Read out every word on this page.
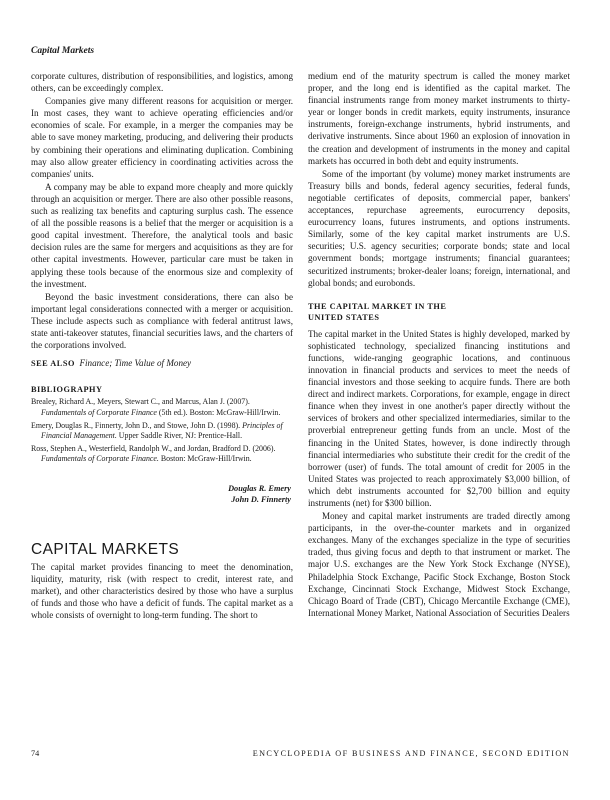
Capital Markets

corporate cultures, distribution of responsibilities, and logistics, among others, can be exceedingly complex.

Companies give many different reasons for acquisition or merger. In most cases, they want to achieve operating efficiencies and/or economies of scale. For example, in a merger the companies may be able to save money marketing, producing, and delivering their products by combining their operations and eliminating duplication. Combining may also allow greater efficiency in coordinating activities across the companies' units.

A company may be able to expand more cheaply and more quickly through an acquisition or merger. There are also other possible reasons, such as realizing tax benefits and capturing surplus cash. The essence of all the possible reasons is a belief that the merger or acquisition is a good capital investment. Therefore, the analytical tools and basic decision rules are the same for mergers and acquisitions as they are for other capital investments. However, particular care must be taken in applying these tools because of the enormous size and complexity of the investment.

Beyond the basic investment considerations, there can also be important legal considerations connected with a merger or acquisition. These include aspects such as compliance with federal antitrust laws, state anti-takeover statutes, financial securities laws, and the charters of the corporations involved.

SEE ALSO Finance; Time Value of Money

BIBLIOGRAPHY

Brealey, Richard A., Meyers, Stewart C., and Marcus, Alan J. (2007). Fundamentals of Corporate Finance (5th ed.). Boston: McGraw-Hill/Irwin.

Emery, Douglas R., Finnerty, John D., and Stowe, John D. (1998). Principles of Financial Management. Upper Saddle River, NJ: Prentice-Hall.

Ross, Stephen A., Westerfield, Randolph W., and Jordan, Bradford D. (2006). Fundamentals of Corporate Finance. Boston: McGraw-Hill/Irwin.

Douglas R. Emery
John D. Finnerty
CAPITAL MARKETS

The capital market provides financing to meet the denomination, liquidity, maturity, risk (with respect to credit, interest rate, and market), and other characteristics desired by those who have a surplus of funds and those who have a deficit of funds. The capital market as a whole consists of overnight to long-term funding. The short to

medium end of the maturity spectrum is called the money market proper, and the long end is identified as the capital market. The financial instruments range from money market instruments to thirty-year or longer bonds in credit markets, equity instruments, insurance instruments, foreign-exchange instruments, hybrid instruments, and derivative instruments. Since about 1960 an explosion of innovation in the creation and development of instruments in the money and capital markets has occurred in both debt and equity instruments.

Some of the important (by volume) money market instruments are Treasury bills and bonds, federal agency securities, federal funds, negotiable certificates of deposits, commercial paper, bankers' acceptances, repurchase agreements, eurocurrency deposits, eurocurrency loans, futures instruments, and options instruments. Similarly, some of the key capital market instruments are U.S. securities; U.S. agency securities; corporate bonds; state and local government bonds; mortgage instruments; financial guarantees; securitized instruments; broker-dealer loans; foreign, international, and global bonds; and eurobonds.

THE CAPITAL MARKET IN THE
UNITED STATES

The capital market in the United States is highly developed, marked by sophisticated technology, specialized financing institutions and functions, wide-ranging geographic locations, and continuous innovation in financial products and services to meet the needs of financial investors and those seeking to acquire funds. There are both direct and indirect markets. Corporations, for example, engage in direct finance when they invest in one another's paper directly without the services of brokers and other specialized intermediaries, similar to the proverbial entrepreneur getting funds from an uncle. Most of the financing in the United States, however, is done indirectly through financial intermediaries who substitute their credit for the credit of the borrower (user) of funds. The total amount of credit for 2005 in the United States was projected to reach approximately $3,000 billion, of which debt instruments accounted for $2,700 billion and equity instruments (net) for $300 billion.

Money and capital market instruments are traded directly among participants, in the over-the-counter markets and in organized exchanges. Many of the exchanges specialize in the type of securities traded, thus giving focus and depth to that instrument or market. The major U.S. exchanges are the New York Stock Exchange (NYSE), Philadelphia Stock Exchange, Pacific Stock Exchange, Boston Stock Exchange, Cincinnati Stock Exchange, Midwest Stock Exchange, Chicago Board of Trade (CBT), Chicago Mercantile Exchange (CME), International Money Market, National Association of Securities Dealers

74	ENCYCLOPEDIA OF BUSINESS AND FINANCE, SECOND EDITION
